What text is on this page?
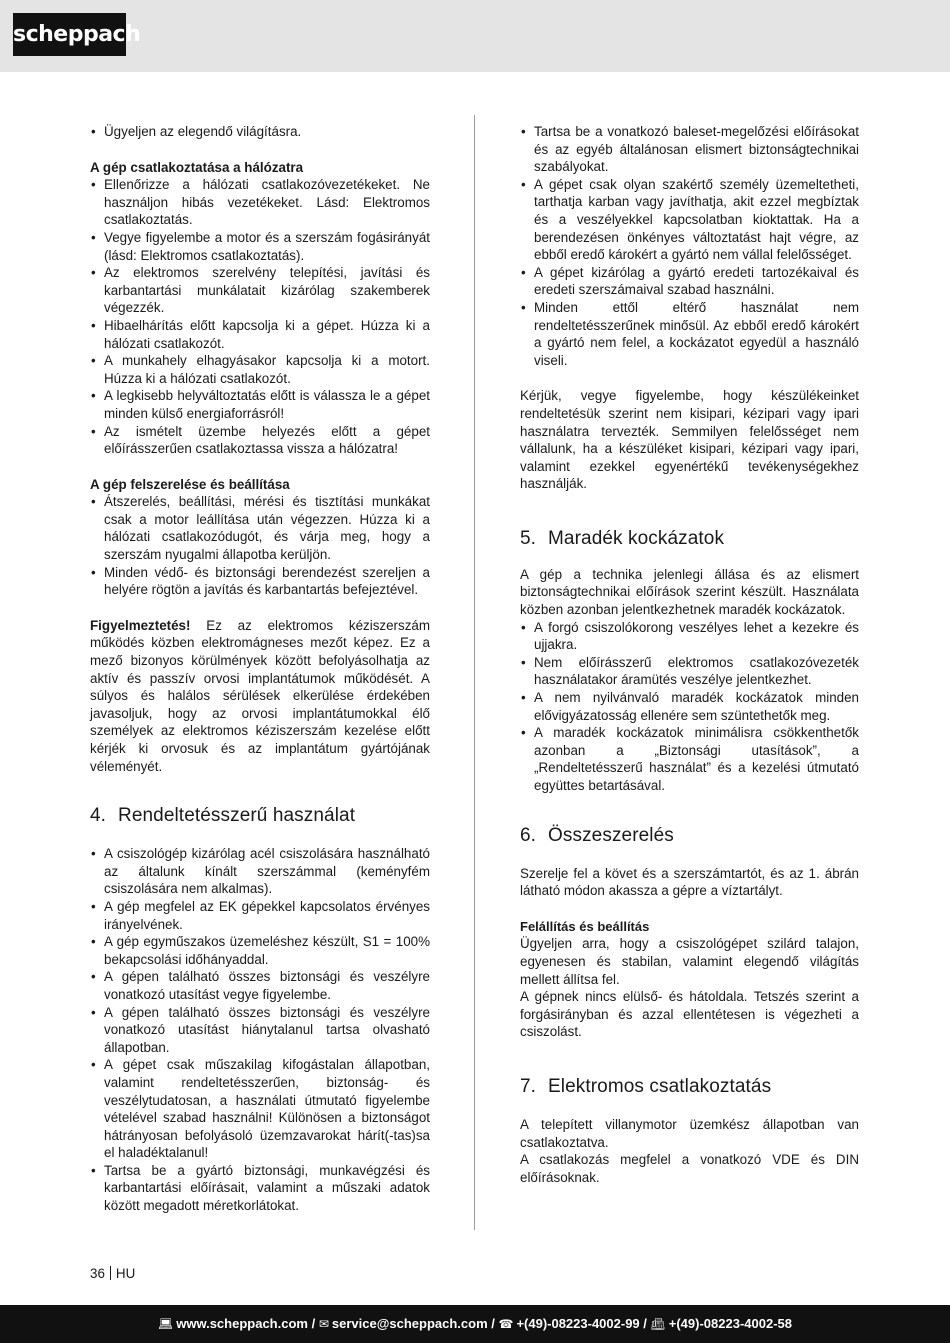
scheppach
• Ügyeljen az elegendő világításra.

A gép csatlakoztatása a hálózatra

• Ellenőrizze a hálózati csatlakozóvezetékeket. Ne használjon hibás vezetékeket. Lásd: Elektromos csatlakoztatás.
• Vegye figyelembe a motor és a szerszám fogásirányát (lásd: Elektromos csatlakoztatás).
• Az elektromos szerelvény telepítési, javítási és karbantartási munkálatait kizárólag szakemberek végezzék.
• Hibaelhárítás előtt kapcsolja ki a gépet. Húzza ki a hálózati csatlakozót.
• A munkahely elhagyásakor kapcsolja ki a motort. Húzza ki a hálózati csatlakozót.
• A legkisebb helyváltoztatás előtt is válassza le a gépet minden külső energiaforrásról!
• Az ismételt üzembe helyezés előtt a gépet előírásszerűen csatlakoztassa vissza a hálózatra!

A gép felszerelése és beállítása

• Átszerelés, beállítási, mérési és tisztítási munkákat csak a motor leállítása után végezzen. Húzza ki a hálózati csatlakozódugót, és várja meg, hogy a szerszám nyugalmi állapotba kerüljön.
• Minden védő- és biztonsági berendezést szereljen a helyére rögtön a javítás és karbantartás befejeztével.

Figyelmeztetés! Ez az elektromos kéziszerszám működés közben elektromágneses mezőt képez. Ez a mező bizonyos körülmények között befolyásolhatja az aktív és passzív orvosi implantátumok működését. A súlyos és halálos sérülések elkerülése érdekében javasoljuk, hogy az orvosi implantátumokkal élő személyek az elektromos kéziszerszám kezelése előtt kérjék ki orvosuk és az implantátum gyártójának véleményét.

4. Rendeltetésszerű használat
• A csiszológép kizárólag acél csiszolására használható az általunk kínált szerszámmal (keményfém csiszolására nem alkalmas).
• A gép megfelel az EK gépekkel kapcsolatos érvényes irányelvének.
• A gép egyműszakos üzemeléshez készült, S1 = 100% bekapcsolási időhányaddal.
• A gépen található összes biztonsági és veszélyre vonatkozó utasítást vegye figyelembe.
• A gépen található összes biztonsági és veszélyre vonatkozó utasítást hiánytalanul tartsa olvasható állapotban.
• A gépet csak műszakilag kifogástalan állapotban, valamint rendeltetésszerűen, biztonság- és veszélytudatosan, a használati útmutató figyelembe vételével szabad használni! Különösen a biztonságot hátrányosan befolyásoló üzemzavarokat hárít(-tas)sa el haladéktalanul!
• Tartsa be a gyártó biztonsági, munkavégzési és karbantartási előírásait, valamint a műszaki adatok között megadott méretkorlátokat.
• Tartsa be a vonatkozó baleset-megelőzési előírásokat és az egyéb általánosan elismert biztonságtechnikai szabályokat.
• A gépet csak olyan szakértő személy üzemeltetheti, tarthatja karban vagy javíthatja, akit ezzel megbíztak és a veszélyekkel kapcsolatban kioktattak. Ha a berendezésen önkényes változtatást hajt végre, az ebből eredő károkért a gyártó nem vállal felelősséget.
• A gépet kizárólag a gyártó eredeti tartozékaival és eredeti szerszámaival szabad használni.
• Minden ettől eltérő használat nem rendeltetésszerűnek minősül. Az ebből eredő károkért a gyártó nem felel, a kockázatot egyedül a használó viseli.

Kérjük, vegye figyelembe, hogy készülékeinket rendeltetésük szerint nem kisipari, kézipari vagy ipari használatra tervezték. Semmilyen felelősséget nem vállalunk, ha a készüléket kisipari, kézipari vagy ipari, valamint ezekkel egyenértékű tevékenységekhez használják.

5. Maradék kockázatok

A gép a technika jelenlegi állása és az elismert biztonságtechnikai előírások szerint készült. Használata közben azonban jelentkezhetnek maradék kockázatok.

• A forgó csiszolókorong veszélyes lehet a kezekre és ujjakra.
• Nem előírásszerű elektromos csatlakozóvezeték használatakor áramütés veszélye jelentkezhet.
• A nem nyilvánvaló maradék kockázatok minden elővigyázatosság ellenére sem szüntethetők meg.
• A maradék kockázatok minimálisra csökkenthetők azonban a „Biztonsági utasítások”, a „Rendeltetésszerű használat” és a kezelési útmutató együttes betartásával.
6. Összeszerelés

Szerelje fel a követ és a szerszámtartót, és az 1. ábrán látható módon akassza a gépre a víztartályt.

Felállítás és beállítás

Ügyeljen arra, hogy a csiszológépet szilárd talajon, egyenesen és stabilan, valamint elegendő világítás mellett állítsa fel.

A gépnek nincs elülső- és hátoldala. Tetszés szerint a forgásirányban és azzal ellentétesen is végezheti a csiszolást.

7. Elektromos csatlakoztatás

A telepített villanymotor üzemkész állapotban van csatlakoztatva.

A csatlakozás megfelel a vonatkozó VDE és DIN előírásoknak.

36 HU
💻︎ www.scheppach.com / ✉︎ service@scheppach.com / ☎︎ +(49)-08223-4002-99 / 📠︎ +(49)-08223-4002-58
